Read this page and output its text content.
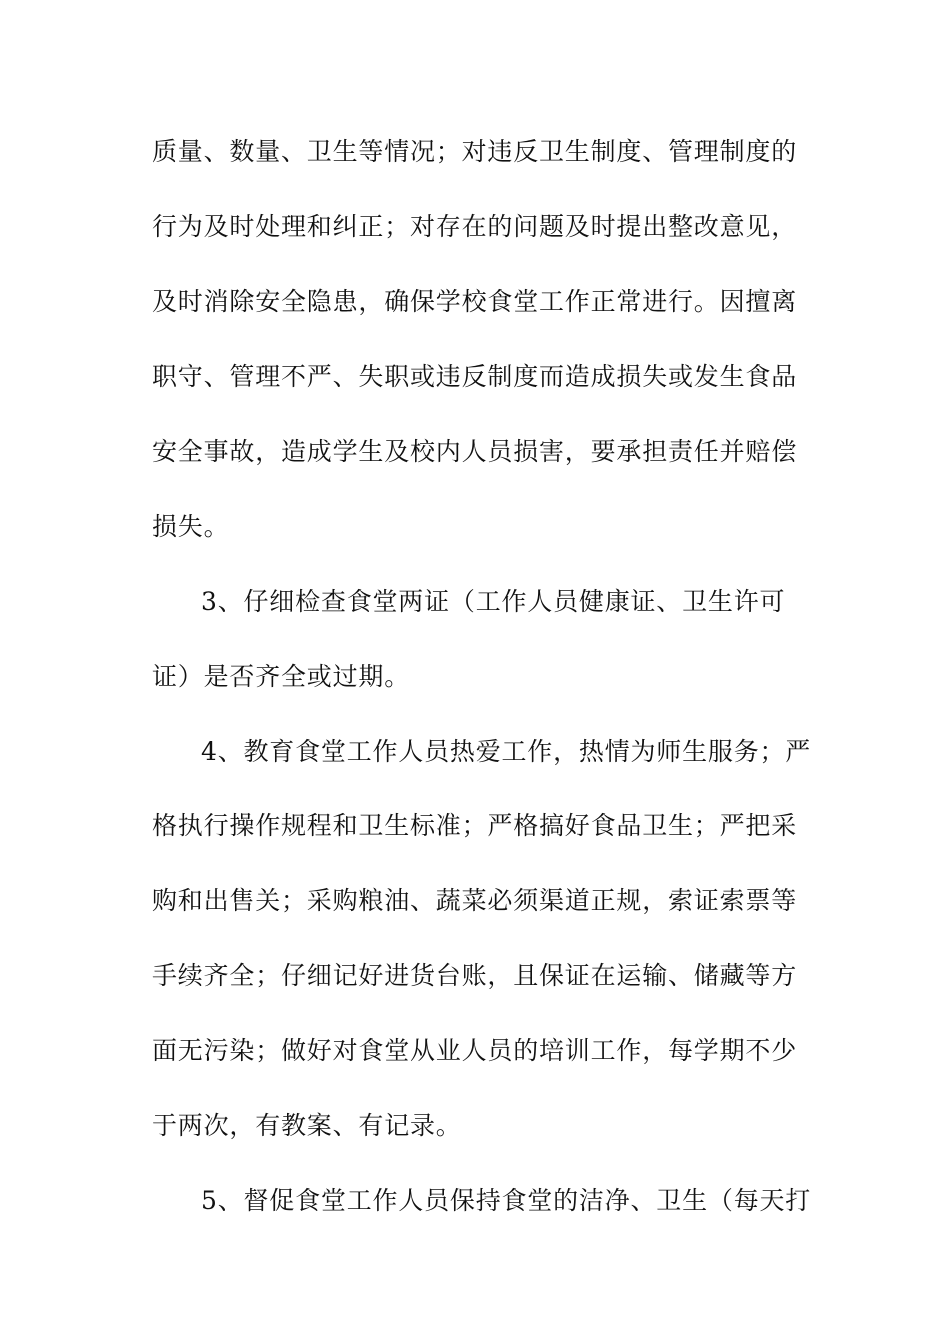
质量、数量、卫生等情况；对违反卫生制度、管理制度的
行为及时处理和纠正；对存在的问题及时提出整改意见，
及时消除安全隐患，确保学校食堂工作正常进行。因擅离
职守、管理不严、失职或违反制度而造成损失或发生食品
安全事故，造成学生及校内人员损害，要承担责任并赔偿
损失。
3、仔细检查食堂两证（工作人员健康证、卫生许可
证）是否齐全或过期。
4、教育食堂工作人员热爱工作，热情为师生服务；严
格执行操作规程和卫生标准；严格搞好食品卫生；严把采
购和出售关；采购粮油、蔬菜必须渠道正规，索证索票等
手续齐全；仔细记好进货台账，且保证在运输、储藏等方
面无污染；做好对食堂从业人员的培训工作，每学期不少
于两次，有教案、有记录。
5、督促食堂工作人员保持食堂的洁净、卫生（每天打
